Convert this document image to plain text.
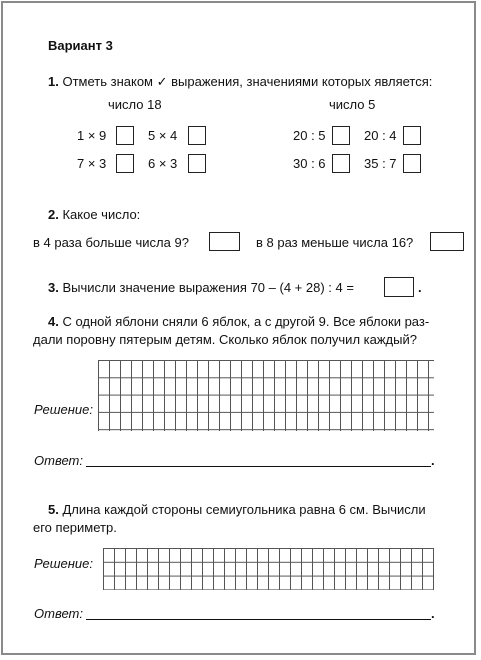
Вариант 3
1. Отметь знаком ✓ выражения, значениями которых является:
число 18	число 5
1 × 9	5 × 4
7 × 3	6 × 3
20 : 5	20 : 4
30 : 6	35 : 7
2. Какое число:
в 4 раза больше числа 9?	в 8 раз меньше числа 16?
3. Вычисли значение выражения 70 – (4 + 28) : 4 =	.
4. С одной яблони сняли 6 яблок, а с другой 9. Все яблоки раз-
дали поровну пятерым детям. Сколько яблок получил каждый?
Решение:
Ответ:	.
5. Длина каждой стороны семиугольника равна 6 см. Вычисли
его периметр.
Решение:
Ответ:	.
